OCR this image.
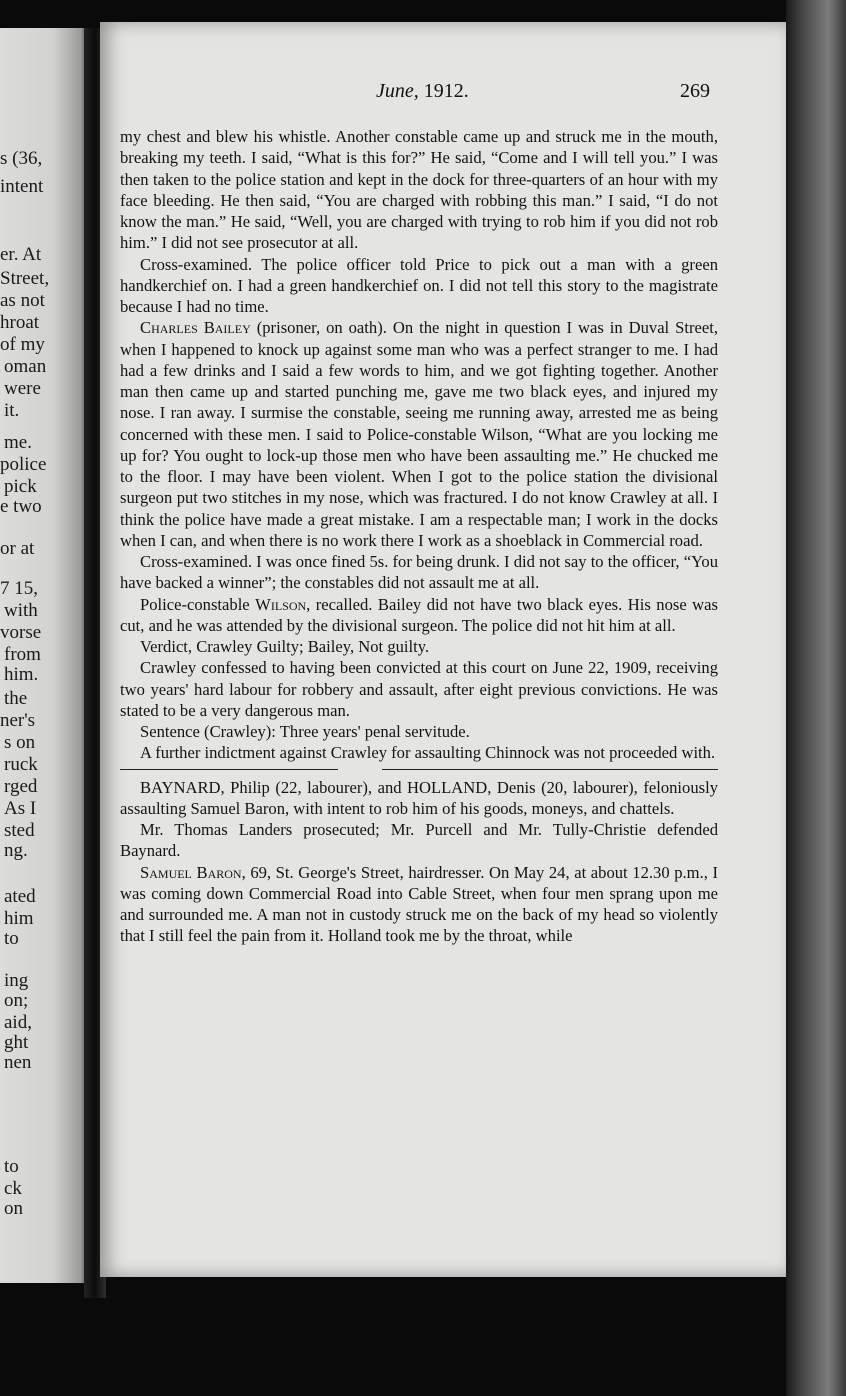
s (36,
intent
er. At
Street,
as not
hroat
of my
oman
were
it.
me.
police
pick
e two
or at
7 15,
with
vorse
from
him.
the
ner's
s on
ruck
rged
As I
sted
ng.
ated
him
to
ing
on;
aid,
ght
nen
to
ck
on
June, 1912.	269

my chest and blew his whistle. Another constable came up and struck me in the mouth, breaking my teeth. I said, “What is this for?” He said, “Come and I will tell you.” I was then taken to the police station and kept in the dock for three-quarters of an hour with my face bleeding. He then said, “You are charged with robbing this man.” I said, “I do not know the man.” He said, “Well, you are charged with trying to rob him if you did not rob him.” I did not see prosecutor at all.

Cross-examined. The police officer told Price to pick out a man with a green handkerchief on. I had a green handkerchief on. I did not tell this story to the magistrate because I had no time.

Charles Bailey (prisoner, on oath). On the night in question I was in Duval Street, when I happened to knock up against some man who was a perfect stranger to me. I had had a few drinks and I said a few words to him, and we got fighting together. Another man then came up and started punching me, gave me two black eyes, and injured my nose. I ran away. I surmise the constable, seeing me running away, arrested me as being concerned with these men. I said to Police-constable Wilson, “What are you locking me up for? You ought to lock-up those men who have been assaulting me.” He chucked me to the floor. I may have been violent. When I got to the police station the divisional surgeon put two stitches in my nose, which was fractured. I do not know Crawley at all. I think the police have made a great mistake. I am a respectable man; I work in the docks when I can, and when there is no work there I work as a shoeblack in Commercial road.

Cross-examined. I was once fined 5s. for being drunk. I did not say to the officer, “You have backed a winner”; the constables did not assault me at all.

Police-constable Wilson, recalled. Bailey did not have two black eyes. His nose was cut, and he was attended by the divisional surgeon. The police did not hit him at all.

Verdict, Crawley Guilty; Bailey, Not guilty.

Crawley confessed to having been convicted at this court on June 22, 1909, receiving two years' hard labour for robbery and assault, after eight previous convictions. He was stated to be a very dangerous man.

Sentence (Crawley): Three years' penal servitude.

A further indictment against Crawley for assaulting Chinnock was not proceeded with.

BAYNARD, Philip (22, labourer), and HOLLAND, Denis (20, labourer), feloniously assaulting Samuel Baron, with intent to rob him of his goods, moneys, and chattels.

Mr. Thomas Landers prosecuted; Mr. Purcell and Mr. Tully-Christie defended Baynard.

Samuel Baron, 69, St. George's Street, hairdresser. On May 24, at about 12.30 p.m., I was coming down Commercial Road into Cable Street, when four men sprang upon me and surrounded me. A man not in custody struck me on the back of my head so violently that I still feel the pain from it. Holland took me by the throat, while
